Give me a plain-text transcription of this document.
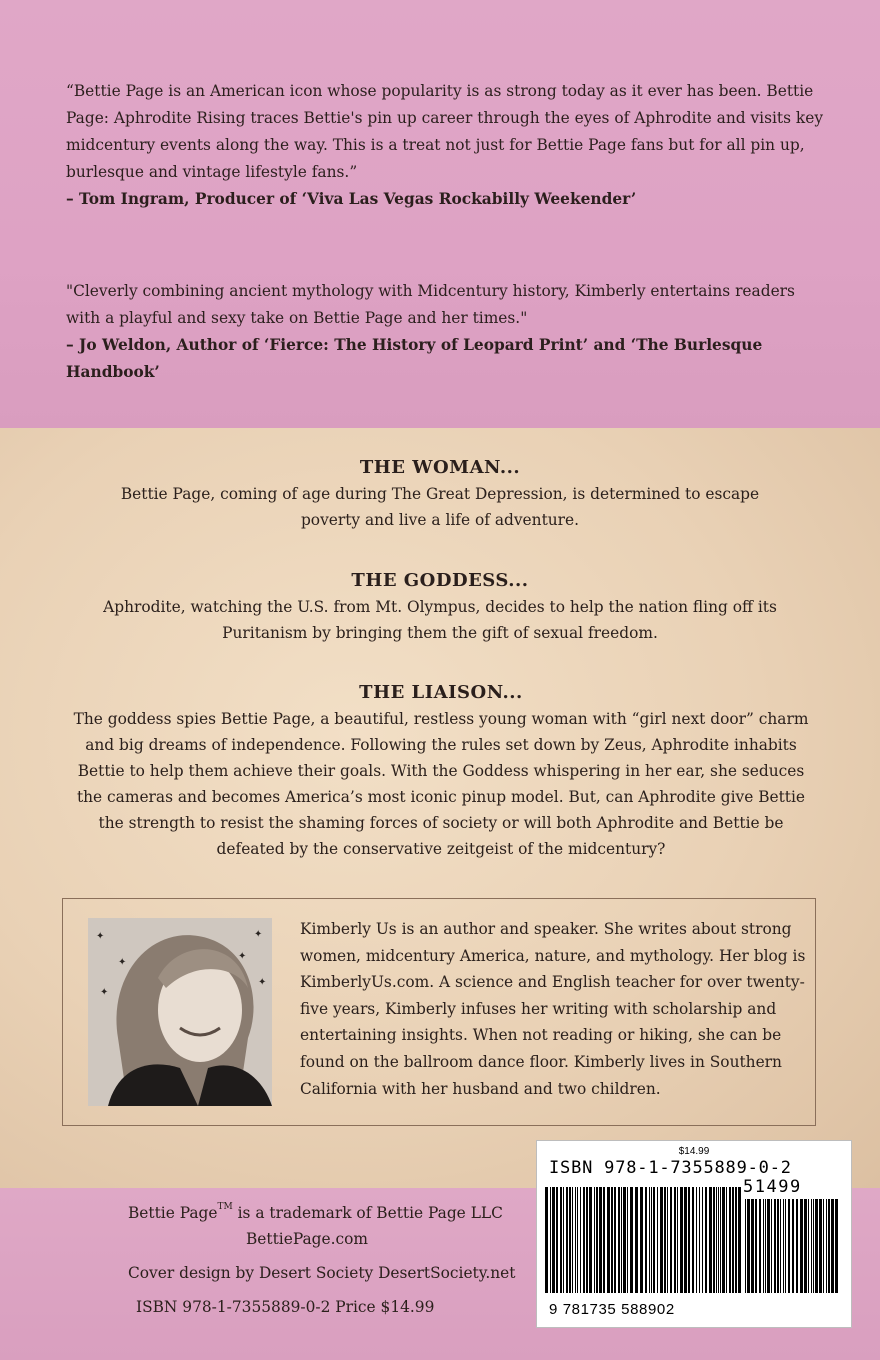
“Bettie Page is an American icon whose popularity is as strong today as it ever has been. Bettie Page: Aphrodite Rising traces Bettie's pin up career through the eyes of Aphrodite and visits key midcentury events along the way. This is a treat not just for Bettie Page fans but for all pin up, burlesque and vintage lifestyle fans.”
– Tom Ingram, Producer of ‘Viva Las Vegas Rockabilly Weekender’
"Cleverly combining ancient mythology with Midcentury history, Kimberly entertains readers with a playful and sexy take on Bettie Page and her times."
– Jo Weldon, Author of ‘Fierce: The History of Leopard Print’ and ‘The Burlesque Handbook’
THE WOMAN...

Bettie Page, coming of age during The Great Depression, is determined to escape poverty and live a life of adventure.

THE GODDESS...

Aphrodite, watching the U.S. from Mt. Olympus, decides to help the nation fling off its Puritanism by bringing them the gift of sexual freedom.

THE LIAISON...

The goddess spies Bettie Page, a beautiful, restless young woman with “girl next door” charm and big dreams of independence. Following the rules set down by Zeus, Aphrodite inhabits Bettie to help them achieve their goals. With the Goddess whispering in her ear, she seduces the cameras and becomes America’s most iconic pinup model. But, can Aphrodite give Bettie the strength to resist the shaming forces of society or will both Aphrodite and Bettie be defeated by the conservative zeitgeist of the midcentury?

✦
✦
✦
✦
✦
✦
Kimberly Us is an author and speaker. She writes about strong women, midcentury America, nature, and mythology. Her blog is KimberlyUs.com. A science and English teacher for over twenty-five years, Kimberly infuses her writing with scholarship and entertaining insights. When not reading or hiking, she can be found on the ballroom dance floor. Kimberly lives in Southern California with her husband and two children.
Bettie Page™ is a trademark of Bettie Page LLC
BettiePage.com
Cover design by Desert Society DesertSociety.net
ISBN 978-1-7355889-0-2 Price $14.99
$14.99
ISBN 978-1-7355889-0-2
51499
9 781735 588902
